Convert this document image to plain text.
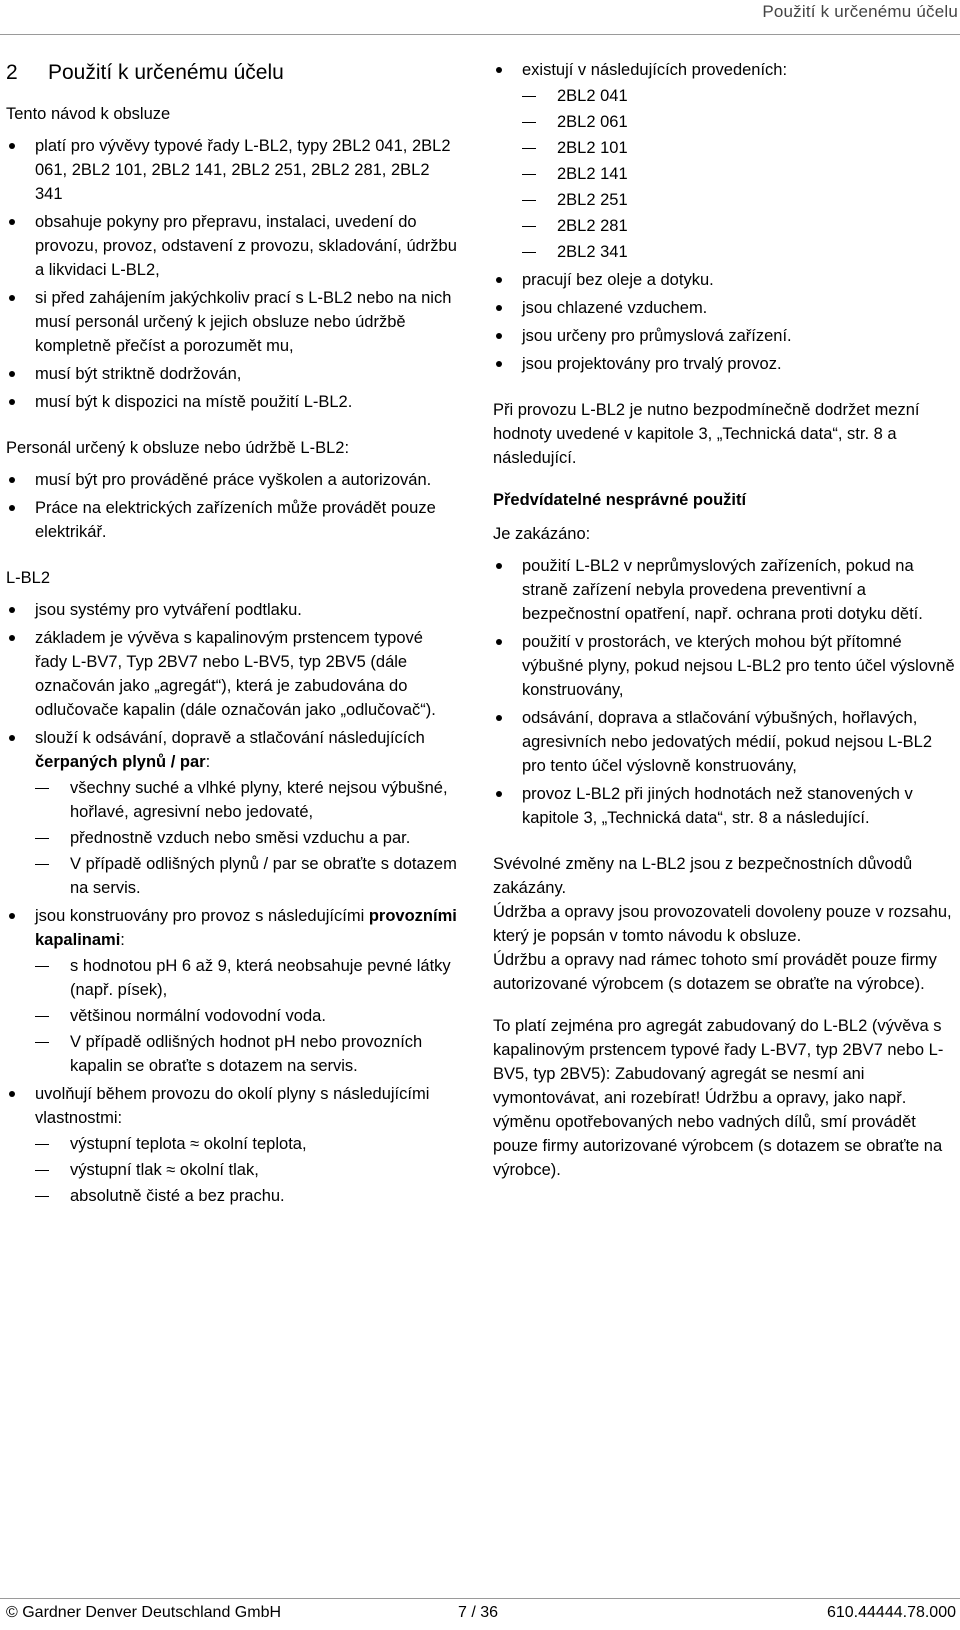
Použití k určenému účelu
2 Použití k určenému účelu

Tento návod k obsluze

platí pro vývěvy typové řady L-BL2, typy 2BL2 041, 2BL2 061, 2BL2 101, 2BL2 141, 2BL2 251, 2BL2 281, 2BL2 341
obsahuje pokyny pro přepravu, instalaci, uvedení do provozu, provoz, odstavení z provozu, skladování, údržbu a likvidaci L-BL2,
si před zahájením jakýchkoliv prací s L-BL2 nebo na nich musí personál určený k jejich obsluze nebo údržbě kompletně přečíst a porozumět mu,
musí být striktně dodržován,
musí být k dispozici na místě použití L-BL2.

Personál určený k obsluze nebo údržbě L-BL2:

musí být pro prováděné práce vyškolen a autorizován.
Práce na elektrických zařízeních může provádět pouze elektrikář.

L-BL2

jsou systémy pro vytváření podtlaku.
základem je vývěva s kapalinovým prstencem typové řady L-BV7, Typ 2BV7 nebo L-BV5, typ 2BV5 (dále označován jako „agregát“), která je zabudována do odlučovače kapalin (dále označován jako „odlučovač“).
slouží k odsávání, dopravě a stlačování následujících čerpaných plynů / par:
všechny suché a vlhké plyny, které nejsou výbušné, hořlavé, agresivní nebo jedovaté,
přednostně vzduch nebo směsi vzduchu a par.
V případě odlišných plynů / par se obraťte s dotazem na servis.
jsou konstruovány pro provoz s následujícími provozními kapalinami:
s hodnotou pH 6 až 9, která neobsahuje pevné látky (např. písek),
většinou normální vodovodní voda.
V případě odlišných hodnot pH nebo provozních kapalin se obraťte s dotazem na servis.
uvolňují během provozu do okolí plyny s následujícími vlastnostmi:
výstupní teplota ≈ okolní teplota,
výstupní tlak ≈ okolní tlak,
absolutně čisté a bez prachu.
existují v následujících provedeních:
2BL2 041
2BL2 061
2BL2 101
2BL2 141
2BL2 251
2BL2 281
2BL2 341
pracují bez oleje a dotyku.
jsou chlazené vzduchem.
jsou určeny pro průmyslová zařízení.
jsou projektovány pro trvalý provoz.

Při provozu L-BL2 je nutno bezpodmínečně dodržet mezní hodnoty uvedené v kapitole 3, „Technická data“, str. 8 a následující.

Předvídatelné nesprávné použití

Je zakázáno:

použití L-BL2 v neprůmyslových zařízeních, pokud na straně zařízení nebyla provedena preventivní a bezpečnostní opatření, např. ochrana proti dotyku dětí.
použití v prostorách, ve kterých mohou být přítomné výbušné plyny, pokud nejsou L-BL2 pro tento účel výslovně konstruovány,
odsávání, doprava a stlačování výbušných, hořlavých, agresivních nebo jedovatých médií, pokud nejsou L-BL2 pro tento účel výslovně konstruovány,
provoz L-BL2 při jiných hodnotách než stanovených v kapitole 3, „Technická data“, str. 8 a následující.

Svévolné změny na L-BL2 jsou z bezpečnostních důvodů zakázány.

Údržba a opravy jsou provozovateli dovoleny pouze v rozsahu, který je popsán v tomto návodu k obsluze.

Údržbu a opravy nad rámec tohoto smí provádět pouze firmy autorizované výrobcem (s dotazem se obraťte na výrobce).

To platí zejména pro agregát zabudovaný do L-BL2 (vývěva s kapalinovým prstencem typové řady L-BV7, typ 2BV7 nebo L-BV5, typ 2BV5): Zabudovaný agregát se nesmí ani vymontovávat, ani rozebírat! Údržbu a opravy, jako např. výměnu opotřebovaných nebo vadných dílů, smí provádět pouze firmy autorizované výrobcem (s dotazem se obraťte na výrobce).

© Gardner Denver Deutschland GmbH	7 / 36	610.44444.78.000
